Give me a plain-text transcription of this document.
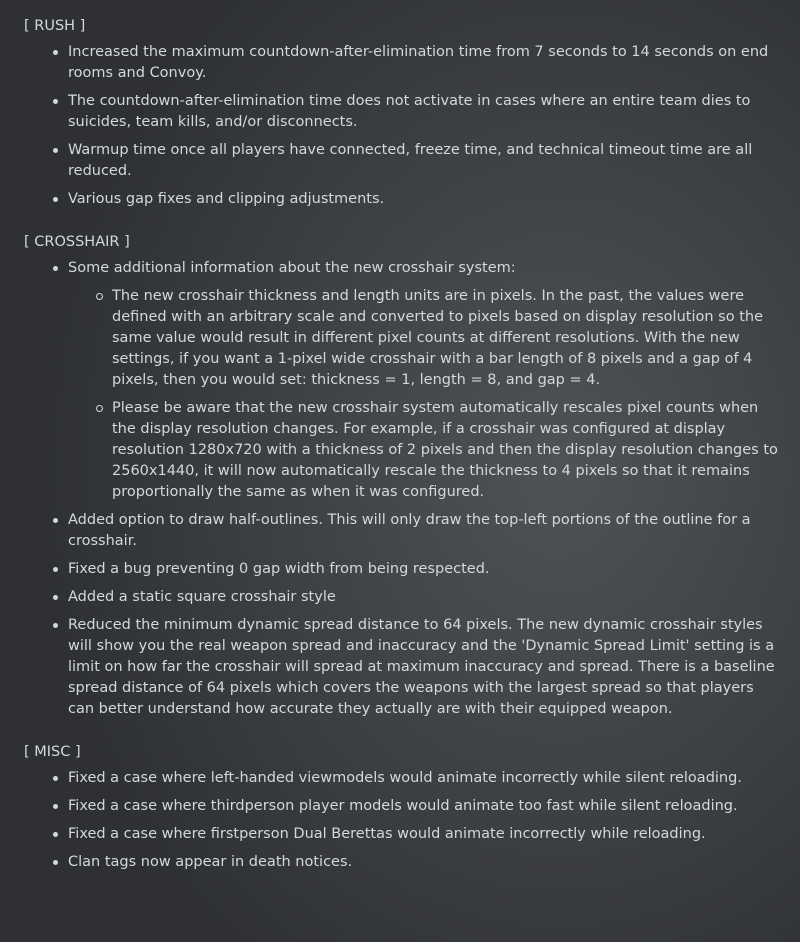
[ RUSH ]
Increased the maximum countdown-after-elimination time from 7 seconds to 14 seconds on end rooms and Convoy.
The countdown-after-elimination time does not activate in cases where an entire team dies to suicides, team kills, and/or disconnects.
Warmup time once all players have connected, freeze time, and technical timeout time are all reduced.
Various gap fixes and clipping adjustments.
[ CROSSHAIR ]
Some additional information about the new crosshair system:
The new crosshair thickness and length units are in pixels. In the past, the values were defined with an arbitrary scale and converted to pixels based on display resolution so the same value would result in different pixel counts at different resolutions. With the new settings, if you want a 1-pixel wide crosshair with a bar length of 8 pixels and a gap of 4 pixels, then you would set: thickness = 1, length = 8, and gap = 4.
Please be aware that the new crosshair system automatically rescales pixel counts when the display resolution changes. For example, if a crosshair was configured at display resolution 1280x720 with a thickness of 2 pixels and then the display resolution changes to 2560x1440, it will now automatically rescale the thickness to 4 pixels so that it remains proportionally the same as when it was configured.
Added option to draw half-outlines. This will only draw the top-left portions of the outline for a crosshair.
Fixed a bug preventing 0 gap width from being respected.
Added a static square crosshair style
Reduced the minimum dynamic spread distance to 64 pixels. The new dynamic crosshair styles will show you the real weapon spread and inaccuracy and the 'Dynamic Spread Limit' setting is a limit on how far the crosshair will spread at maximum inaccuracy and spread. There is a baseline spread distance of 64 pixels which covers the weapons with the largest spread so that players can better understand how accurate they actually are with their equipped weapon.
[ MISC ]
Fixed a case where left-handed viewmodels would animate incorrectly while silent reloading.
Fixed a case where thirdperson player models would animate too fast while silent reloading.
Fixed a case where firstperson Dual Berettas would animate incorrectly while reloading.
Clan tags now appear in death notices.
